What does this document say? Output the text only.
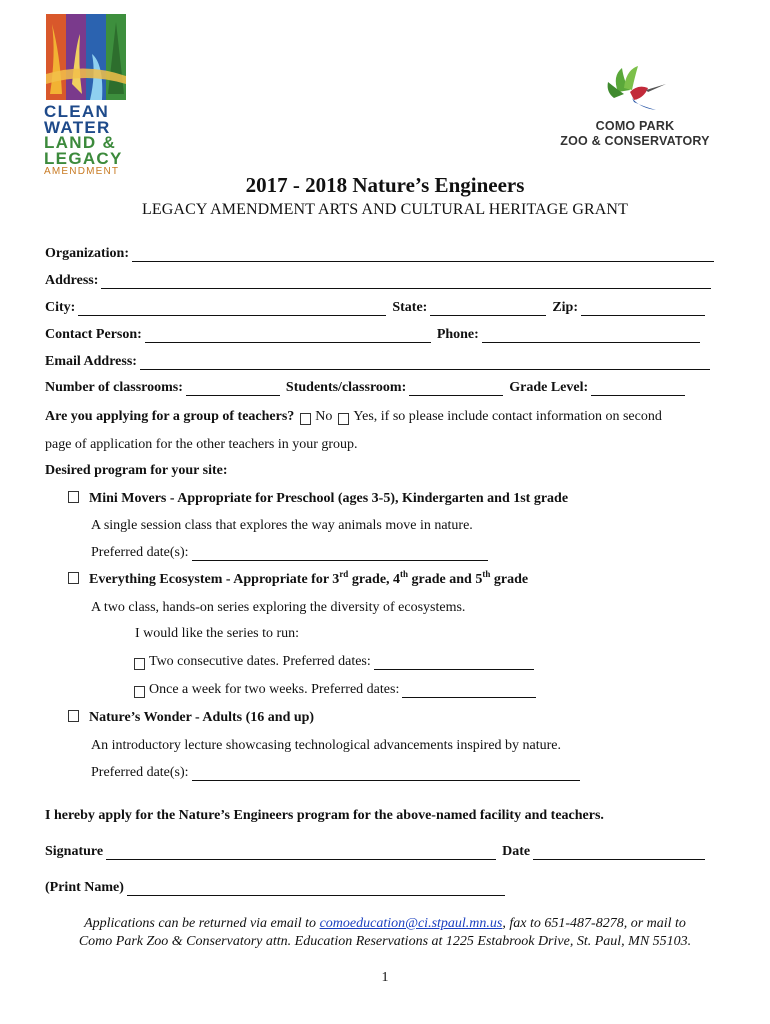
CLEAN
WATER
LAND &
LEGACY
AMENDMENT
COMO PARK
ZOO & CONSERVATORY
2017 - 2018 Nature’s Engineers
LEGACY AMENDMENT ARTS AND CULTURAL HERITAGE GRANT
Organization:
Address:
City:	State:	Zip:
Contact Person:	Phone:
Email Address:
Number of classrooms:	Students/classroom:	Grade Level:
Are you applying for a group of teachers? No Yes, if so please include contact information on second
page of application for the other teachers in your group.
Desired program for your site:
Mini Movers - Appropriate for Preschool (ages 3-5), Kindergarten and 1st grade
A single session class that explores the way animals move in nature.
Preferred date(s):
Everything Ecosystem - Appropriate for 3rd grade, 4th grade and 5th grade
A two class, hands-on series exploring the diversity of ecosystems.
I would like the series to run:
Two consecutive dates. Preferred dates:
Once a week for two weeks. Preferred dates:
Nature’s Wonder - Adults (16 and up)
An introductory lecture showcasing technological advancements inspired by nature.
Preferred date(s):
I hereby apply for the Nature’s Engineers program for the above-named facility and teachers.
Signature	Date
(Print Name)
Applications can be returned via email to comoeducation@ci.stpaul.mn.us, fax to 651-487-8278, or mail to
Como Park Zoo & Conservatory attn. Education Reservations at 1225 Estabrook Drive, St. Paul, MN 55103.
1
